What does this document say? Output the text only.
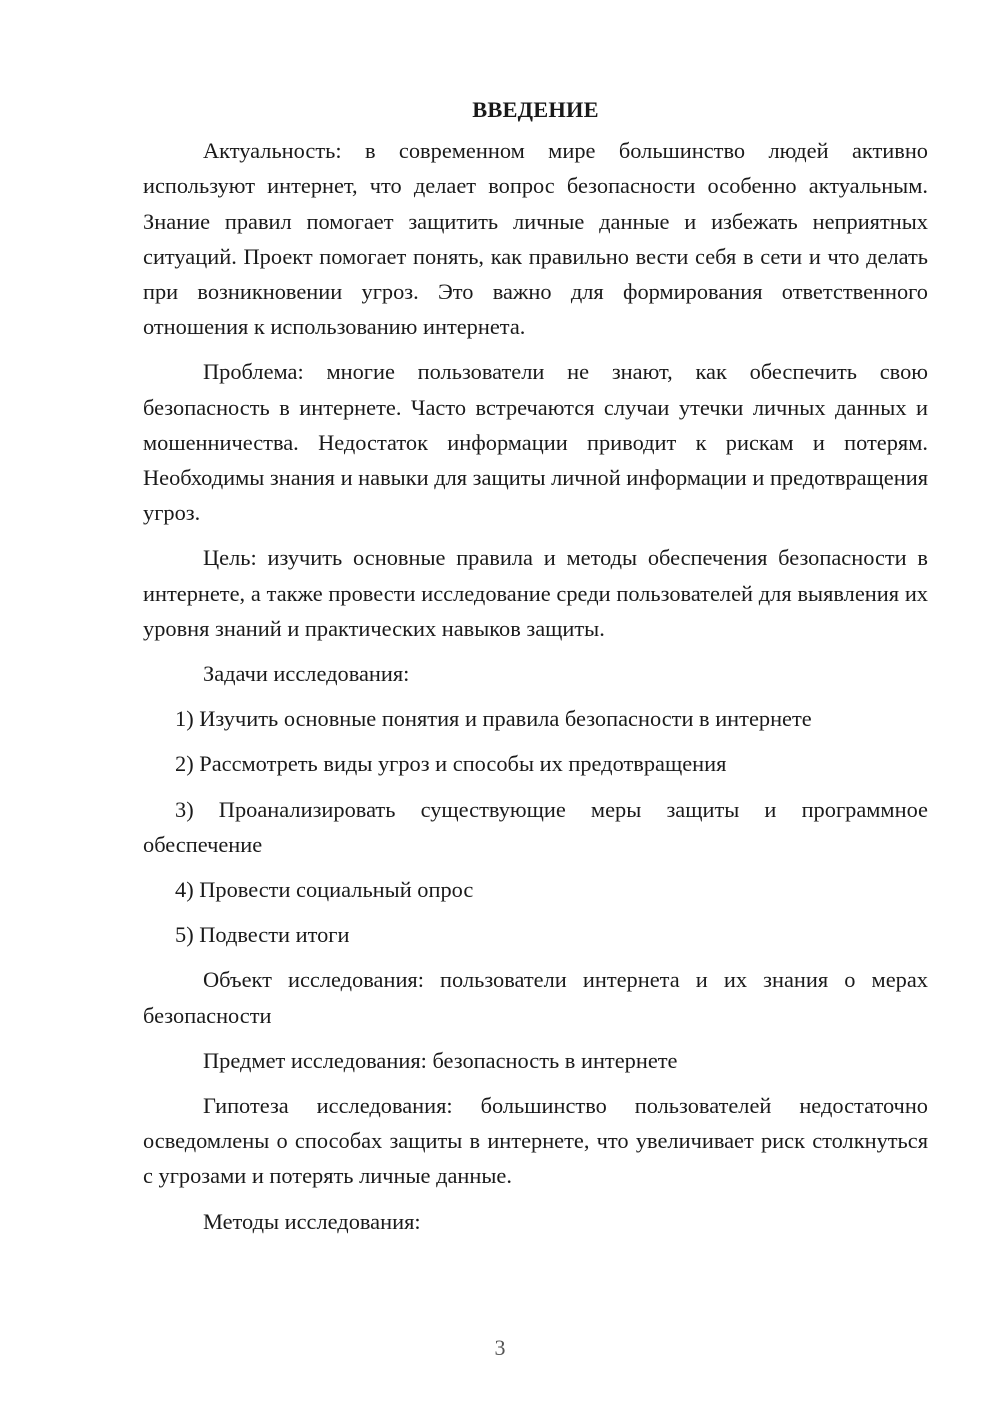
ВВЕДЕНИЕ

Актуальность: в современном мире большинство людей активно используют интернет, что делает вопрос безопасности особенно актуальным. Знание правил помогает защитить личные данные и избежать неприятных ситуаций. Проект помогает понять, как правильно вести себя в сети и что делать при возникновении угроз. Это важно для формирования ответственного отношения к использованию интернета.

Проблема: многие пользователи не знают, как обеспечить свою безопасность в интернете. Часто встречаются случаи утечки личных данных и мошенничества. Недостаток информации приводит к рискам и потерям. Необходимы знания и навыки для защиты личной информации и предотвращения угроз.

Цель: изучить основные правила и методы обеспечения безопасности в интернете, а также провести исследование среди пользователей для выявления их уровня знаний и практических навыков защиты.

Задачи исследования:

1) Изучить основные понятия и правила безопасности в интернете

2) Рассмотреть виды угроз и способы их предотвращения

3) Проанализировать существующие меры защиты и программное обеспечение

4) Провести социальный опрос

5) Подвести итоги

Объект исследования: пользователи интернета и их знания о мерах безопасности

Предмет исследования: безопасность в интернете

Гипотеза исследования: большинство пользователей недостаточно осведомлены о способах защиты в интернете, что увеличивает риск столкнуться с угрозами и потерять личные данные.

Методы исследования:

3
